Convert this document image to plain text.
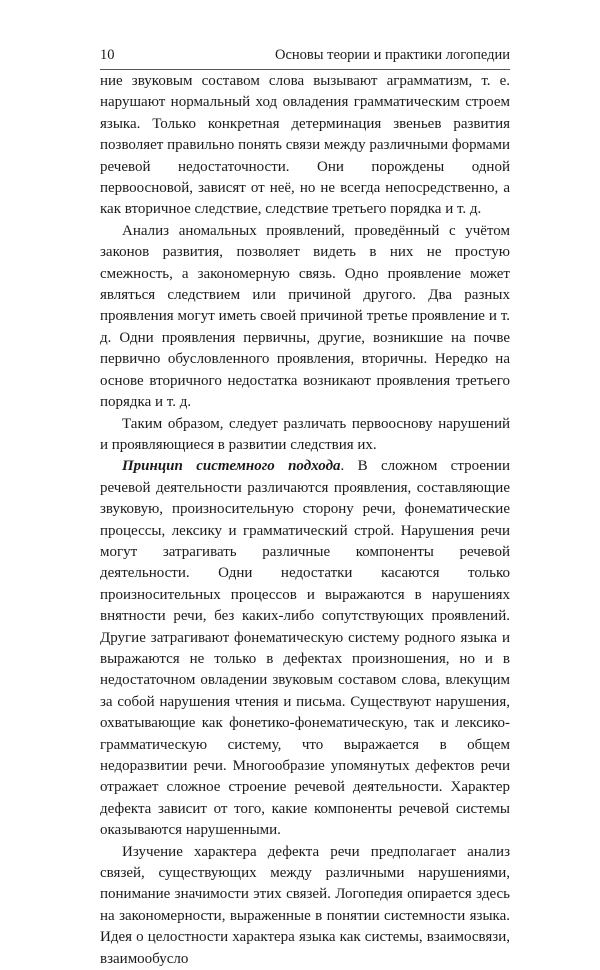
10	Основы теории и практики логопедии

ние звуковым составом слова вызывают аграмматизм, т. е. нарушают нормальный ход овладения грамматическим строем языка. Только конкретная детерминация звеньев развития позволяет правильно понять связи между различными формами речевой недостаточности. Они порождены одной первоосновой, зависят от неё, но не всегда непосредственно, а как вторичное следствие, следствие третьего порядка и т. д.

Анализ аномальных проявлений, проведённый с учётом законов развития, позволяет видеть в них не простую смежность, а закономерную связь. Одно проявление может являться следствием или причиной другого. Два разных проявления могут иметь своей причиной третье проявление и т. д. Одни проявления первичны, другие, возникшие на почве первично обусловленного проявления, вторичны. Нередко на основе вторичного недостатка возникают проявления третьего порядка и т. д.

Таким образом, следует различать первооснову нарушений и проявляющиеся в развитии следствия их.

Принцип системного подхода. В сложном строении речевой деятельности различаются проявления, составляющие звуковую, произносительную сторону речи, фонематические процессы, лексику и грамматический строй. Нарушения речи могут затрагивать различные компоненты речевой деятельности. Одни недостатки касаются только произносительных процессов и выражаются в нарушениях внятности речи, без каких-либо сопутствующих проявлений. Другие затрагивают фонематическую систему родного языка и выражаются не только в дефектах произношения, но и в недостаточном овладении звуковым составом слова, влекущим за собой нарушения чтения и письма. Существуют нарушения, охватывающие как фонетико-фонематическую, так и лексикограмматическую систему, что выражается в общем недоразвитии речи. Многообразие упомянутых дефектов речи отражает сложное строение речевой деятельности. Характер дефекта зависит от того, какие компоненты речевой системы оказываются нарушенными.

Изучение характера дефекта речи предполагает анализ связей, существующих между различными нарушениями, понимание значимости этих связей. Логопедия опирается здесь на закономерности, выраженные в понятии системности языка. Идея о целостности характера языка как системы, взаимосвязи, взаимообусло
